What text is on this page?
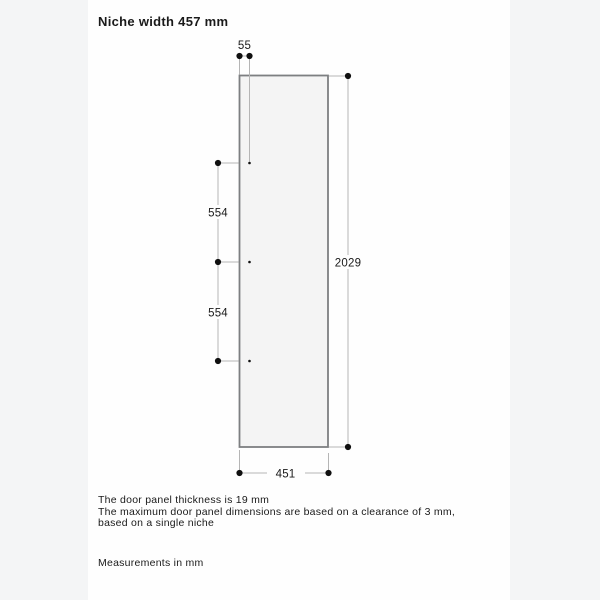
Niche width 457 mm
55
554
554
2029
451
The door panel thickness is 19 mm
The maximum door panel dimensions are based on a clearance of 3 mm,
based on a single niche
Measurements in mm
